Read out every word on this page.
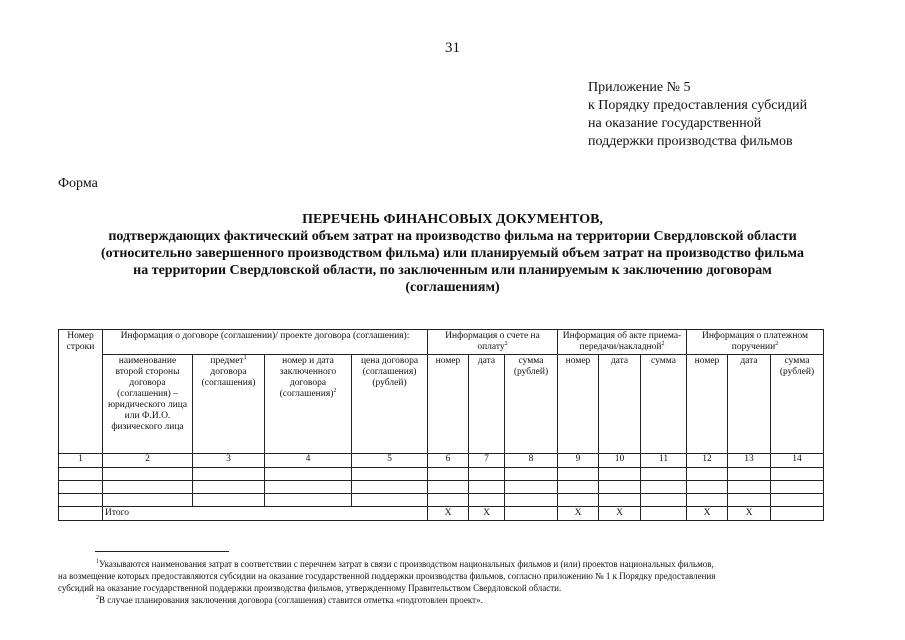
31
Приложение № 5
к Порядку предоставления субсидий
на оказание государственной
поддержки производства фильмов
Форма
ПЕРЕЧЕНЬ ФИНАНСОВЫХ ДОКУМЕНТОВ,
подтверждающих фактический объем затрат на производство фильма на территории Свердловской области
(относительно завершенного производством фильма) или планируемый объем затрат на производство фильма
на территории Свердловской области, по заключенным или планируемым к заключению договорам
(соглашениям)
Номер строки	Информация о договоре (соглашении)/ проекте договора (соглашения):				Информация о счете на оплату$^2$			Информация об акте приема-передачи/накладной$^2$			Информация о платежном поручении$^2$
	наименование второй стороны договора (соглашения) – юридического лица или Ф.И.О. физического лица	предмет$^1$ договора (соглашения)	номер и дата заключенного договора (соглашения)$^2$	цена договора (соглашения) (рублей)	номер	дата	сумма (рублей)	номер	дата	сумма	номер	дата	сумма (рублей)
1	2	3	4	5	6	7	8	9	10	11	12	13	14

	Итого				Х	Х		Х	Х		Х	Х	
$^1$Указываются наименования затрат в соответствии с перечнем затрат в связи с производством национальных фильмов и (или) проектов национальных фильмов,
на возмещение которых предоставляются субсидии на оказание государственной поддержки производства фильмов, согласно приложению № 1 к Порядку предоставления
субсидий на оказание государственной поддержки производства фильмов, утвержденному Правительством Свердловской области.
$^2$В случае планирования заключения договора (соглашения) ставится отметка «подготовлен проект».
